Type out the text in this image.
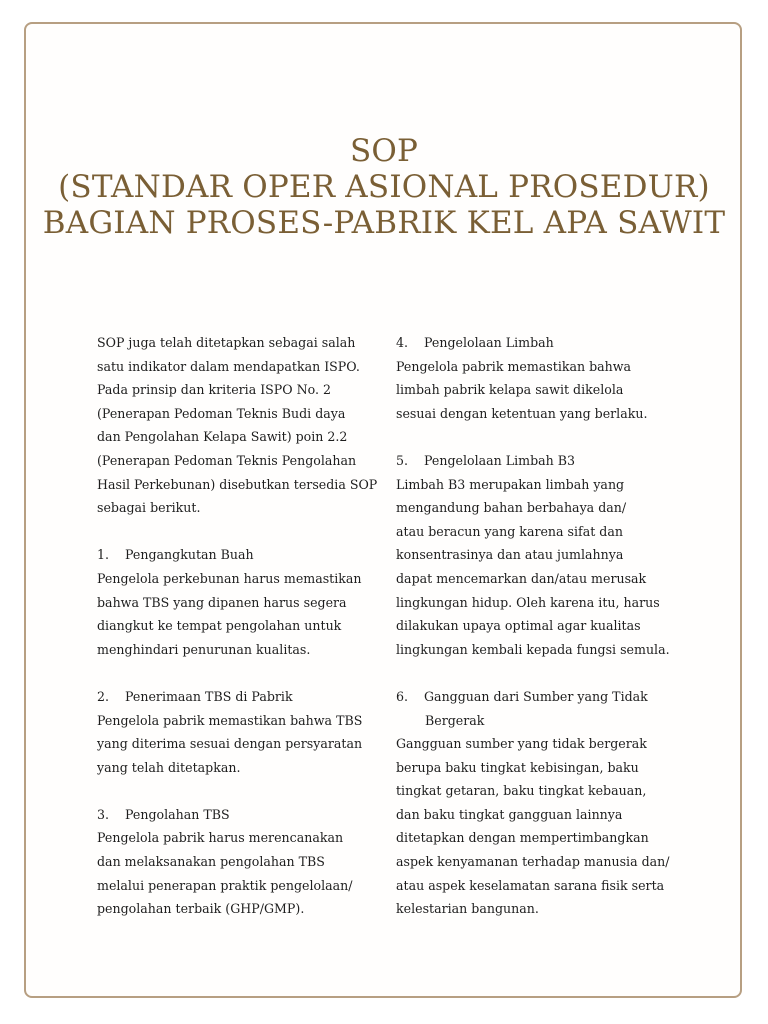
SOP
(STANDAR OPER ASIONAL PROSEDUR)
BAGIAN PROSES-PABRIK KEL APA SAWIT
SOP juga telah ditetapkan sebagai salah
satu indikator dalam mendapatkan ISPO.
Pada prinsip dan kriteria ISPO No. 2
(Penerapan Pedoman Teknis Budi daya
dan Pengolahan Kelapa Sawit) poin 2.2
(Penerapan Pedoman Teknis Pengolahan
Hasil Perkebunan) disebutkan tersedia SOP
sebagai berikut.
1. Pengangkutan Buah
Pengelola perkebunan harus memastikan
bahwa TBS yang dipanen harus segera
diangkut ke tempat pengolahan untuk
menghindari penurunan kualitas.
2. Penerimaan TBS di Pabrik
Pengelola pabrik memastikan bahwa TBS
yang diterima sesuai dengan persyaratan
yang telah ditetapkan.
3. Pengolahan TBS
Pengelola pabrik harus merencanakan
dan melaksanakan pengolahan TBS
melalui penerapan praktik pengelolaan/
pengolahan terbaik (GHP/GMP).
4. Pengelolaan Limbah
Pengelola pabrik memastikan bahwa
limbah pabrik kelapa sawit dikelola
sesuai dengan ketentuan yang berlaku.
5. Pengelolaan Limbah B3
Limbah B3 merupakan limbah yang
mengandung bahan berbahaya dan/
atau beracun yang karena sifat dan
konsentrasinya dan atau jumlahnya
dapat mencemarkan dan/atau merusak
lingkungan hidup. Oleh karena itu, harus
dilakukan upaya optimal agar kualitas
lingkungan kembali kepada fungsi semula.
6. Gangguan dari Sumber yang Tidak
Bergerak
Gangguan sumber yang tidak bergerak
berupa baku tingkat kebisingan, baku
tingkat getaran, baku tingkat kebauan,
dan baku tingkat gangguan lainnya
ditetapkan dengan mempertimbangkan
aspek kenyamanan terhadap manusia dan/
atau aspek keselamatan sarana fisik serta
kelestarian bangunan.
